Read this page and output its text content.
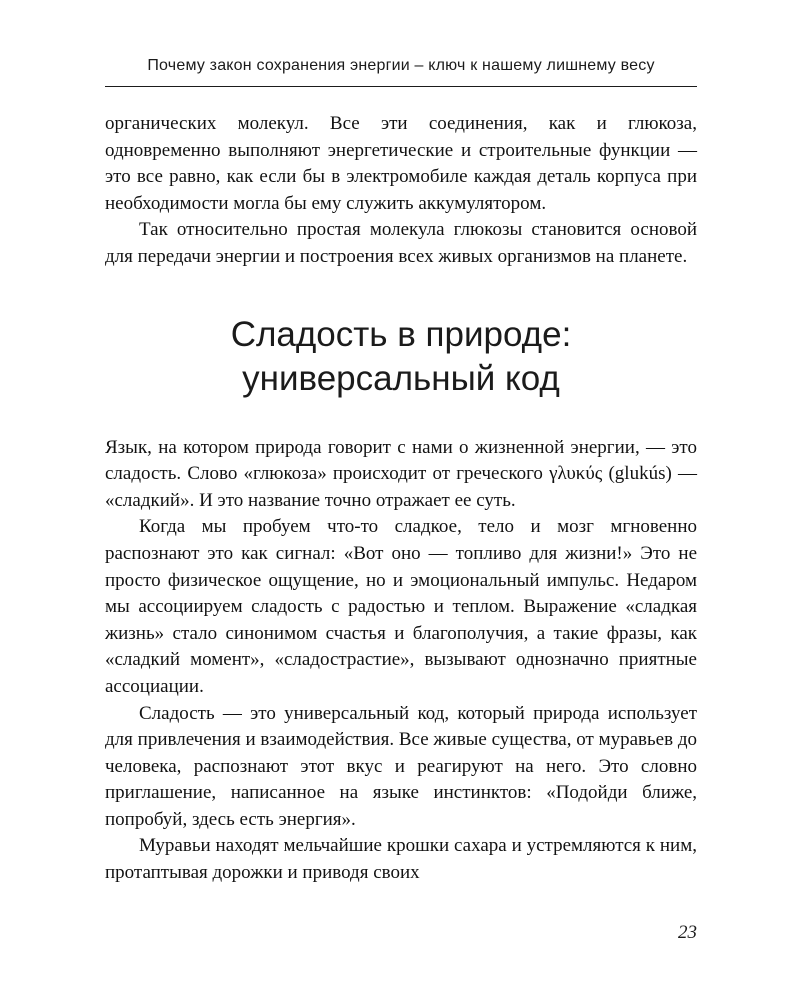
Почему закон сохранения энергии – ключ к нашему лишнему весу

органических молекул. Все эти соединения, как и глюкоза, одновременно выполняют энергетические и строительные функции — это все равно, как если бы в электромобиле каждая деталь корпуса при необходимости могла бы ему служить аккумулятором.

Так относительно простая молекула глюкозы становится основой для передачи энергии и построения всех живых организмов на планете.

Сладость в природе:
универсальный код

Язык, на котором природа говорит с нами о жизненной энергии, — это сладость. Слово «глюкоза» происходит от греческого γλυκύς (glukús) — «сладкий». И это название точно отражает ее суть.

Когда мы пробуем что-то сладкое, тело и мозг мгновенно распознают это как сигнал: «Вот оно — топливо для жизни!» Это не просто физическое ощущение, но и эмоциональный импульс. Недаром мы ассоциируем сладость с радостью и теплом. Выражение «сладкая жизнь» стало синонимом счастья и благополучия, а такие фразы, как «сладкий момент», «сладострастие», вызывают однозначно приятные ассоциации.

Сладость — это универсальный код, который природа использует для привлечения и взаимодействия. Все живые существа, от муравьев до человека, распознают этот вкус и реагируют на него. Это словно приглашение, написанное на языке инстинктов: «Подойди ближе, попробуй, здесь есть энергия».

Муравьи находят мельчайшие крошки сахара и устремляются к ним, протаптывая дорожки и приводя своих

23
